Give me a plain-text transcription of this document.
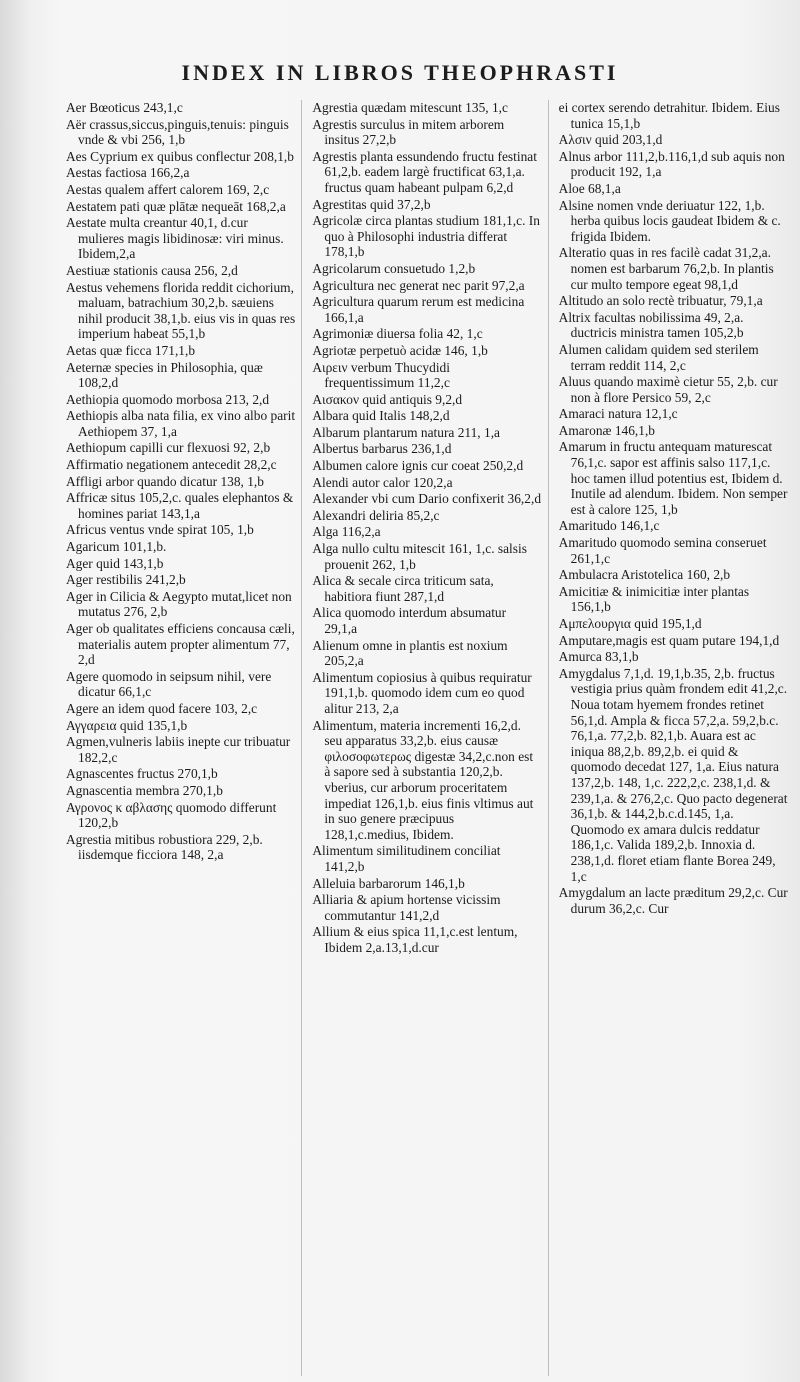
INDEX IN LIBROS THEOPHRASTI
Aer Bœoticus 243,1,c
Aër crassus,siccus,pinguis,tenuis: pinguis vnde & vbi 256, 1,b
Aes Cyprium ex quibus conflectur 208,1,b
Aestas factiosa 166,2,a
Aestas qualem affert calorem 169, 2,c
Aestatem pati quæ plātæ nequeāt 168,2,a
Aestate multa creantur 40,1, d.cur mulieres magis libidinosæ: viri minus. Ibidem,2,a
Aestiuæ stationis causa 256, 2,d
Aestus vehemens florida reddit cichorium, maluam, batrachium 30,2,b. sæuiens nihil producit 38,1,b. eius vis in quas res imperium habeat 55,1,b
Aetas quæ ficca 171,1,b
Aeternæ species in Philosophia, quæ 108,2,d
Aethiopia quomodo morbosa 213, 2,d
Aethiopis alba nata filia, ex vino albo parit Aethiopem 37, 1,a
Aethiopum capilli cur flexuosi 92, 2,b
Affirmatio negationem antecedit 28,2,c
Affligi arbor quando dicatur 138, 1,b
Affricæ situs 105,2,c. quales elephantos & homines pariat 143,1,a
Africus ventus vnde spirat 105, 1,b
Agaricum 101,1,b.
Ager quid 143,1,b
Ager restibilis 241,2,b
Ager in Cilicia & Aegypto mutat,licet non mutatus 276, 2,b
Ager ob qualitates efficiens concausa cæli, materialis autem propter alimentum 77, 2,d
Agere quomodo in seipsum nihil, vere dicatur 66,1,c
Agere an idem quod facere 103, 2,c
Αγγαρεια quid 135,1,b
Agmen,vulneris labiis inepte cur tribuatur 182,2,c
Agnascentes fructus 270,1,b
Agnascentia membra 270,1,b
Αγρονος κ αβλασης quomodo differunt 120,2,b
Agrestia mitibus robustiora 229, 2,b. iisdemque ficciora 148, 2,a
Agrestia quædam mitescunt 135, 1,c
Agrestis surculus in mitem arborem insitus 27,2,b
Agrestis planta essundendo fructu festinat 61,2,b. eadem largè fructificat 63,1,a. fructus quam habeant pulpam 6,2,d
Agrestitas quid 37,2,b
Agricolæ circa plantas studium 181,1,c. In quo à Philosophi industria differat 178,1,b
Agricolarum consuetudo 1,2,b
Agricultura nec generat nec parit 97,2,a
Agricultura quarum rerum est medicina 166,1,a
Agrimoniæ diuersa folia 42, 1,c
Agriotæ perpetuò acidæ 146, 1,b
Αιρειν verbum Thucydidi frequentissimum 11,2,c
Αισακον quid antiquis 9,2,d
Albara quid Italis 148,2,d
Albarum plantarum natura 211, 1,a
Albertus barbarus 236,1,d
Albumen calore ignis cur coeat 250,2,d
Alendi autor calor 120,2,a
Alexander vbi cum Dario confixerit 36,2,d
Alexandri deliria 85,2,c
Alga 116,2,a
Alga nullo cultu mitescit 161, 1,c. salsis prouenit 262, 1,b
Alica & secale circa triticum sata, habitiora fiunt 287,1,d
Alica quomodo interdum absumatur 29,1,a
Alienum omne in plantis est noxium 205,2,a
Alimentum copiosius à quibus requiratur 191,1,b. quomodo idem cum eo quod alitur 213, 2,a
Alimentum, materia incrementi 16,2,d. seu apparatus 33,2,b. eius causæ φιλοσοφωτερως digestæ 34,2,c.non est à sapore sed à substantia 120,2,b. vberius, cur arborum proceritatem impediat 126,1,b. eius finis vltimus aut in suo genere præcipuus 128,1,c.medius, Ibidem.
Alimentum similitudinem conciliat 141,2,b
Alleluia barbarorum 146,1,b
Alliaria & apium hortense vicissim commutantur 141,2,d
Allium & eius spica 11,1,c.est lentum, Ibidem 2,a.13,1,d.cur
ei cortex serendo detrahitur. Ibidem. Eius tunica 15,1,b
Αλσιν quid 203,1,d
Alnus arbor 111,2,b.116,1,d sub aquis non producit 192, 1,a
Aloe 68,1,a
Alsine nomen vnde deriuatur 122, 1,b. herba quibus locis gaudeat Ibidem & c. frigida Ibidem.
Alteratio quas in res facilè cadat 31,2,a. nomen est barbarum 76,2,b. In plantis cur multo tempore egeat 98,1,d
Altitudo an solo rectè tribuatur, 79,1,a
Altrix facultas nobilissima 49, 2,a. ductricis ministra tamen 105,2,b
Alumen calidam quidem sed sterilem terram reddit 114, 2,c
Aluus quando maximè cietur 55, 2,b. cur non à flore Persico 59, 2,c
Amaraci natura 12,1,c
Amaronæ 146,1,b
Amarum in fructu antequam maturescat 76,1,c. sapor est affinis salso 117,1,c. hoc tamen illud potentius est, Ibidem d. Inutile ad alendum. Ibidem. Non semper est à calore 125, 1,b
Amaritudo 146,1,c
Amaritudo quomodo semina conseruet 261,1,c
Ambulacra Aristotelica 160, 2,b
Amicitiæ & inimicitiæ inter plantas 156,1,b
Αμπελουργια quid 195,1,d
Amputare,magis est quam putare 194,1,d
Amurca 83,1,b
Amygdalus 7,1,d. 19,1,b.35, 2,b. fructus vestigia prius quàm frondem edit 41,2,c. Noua totam hyemem frondes retinet 56,1,d. Ampla & ficca 57,2,a. 59,2,b.c. 76,1,a. 77,2,b. 82,1,b. Auara est ac iniqua 88,2,b. 89,2,b. ei quid & quomodo decedat 127, 1,a. Eius natura 137,2,b. 148, 1,c. 222,2,c. 238,1,d. & 239,1,a. & 276,2,c. Quo pacto degenerat 36,1,b. & 144,2,b.c.d.145, 1,a. Quomodo ex amara dulcis reddatur 186,1,c. Valida 189,2,b. Innoxia d. 238,1,d. floret etiam flante Borea 249, 1,c
Amygdalum an lacte præditum 29,2,c. Cur durum 36,2,c. Cur
